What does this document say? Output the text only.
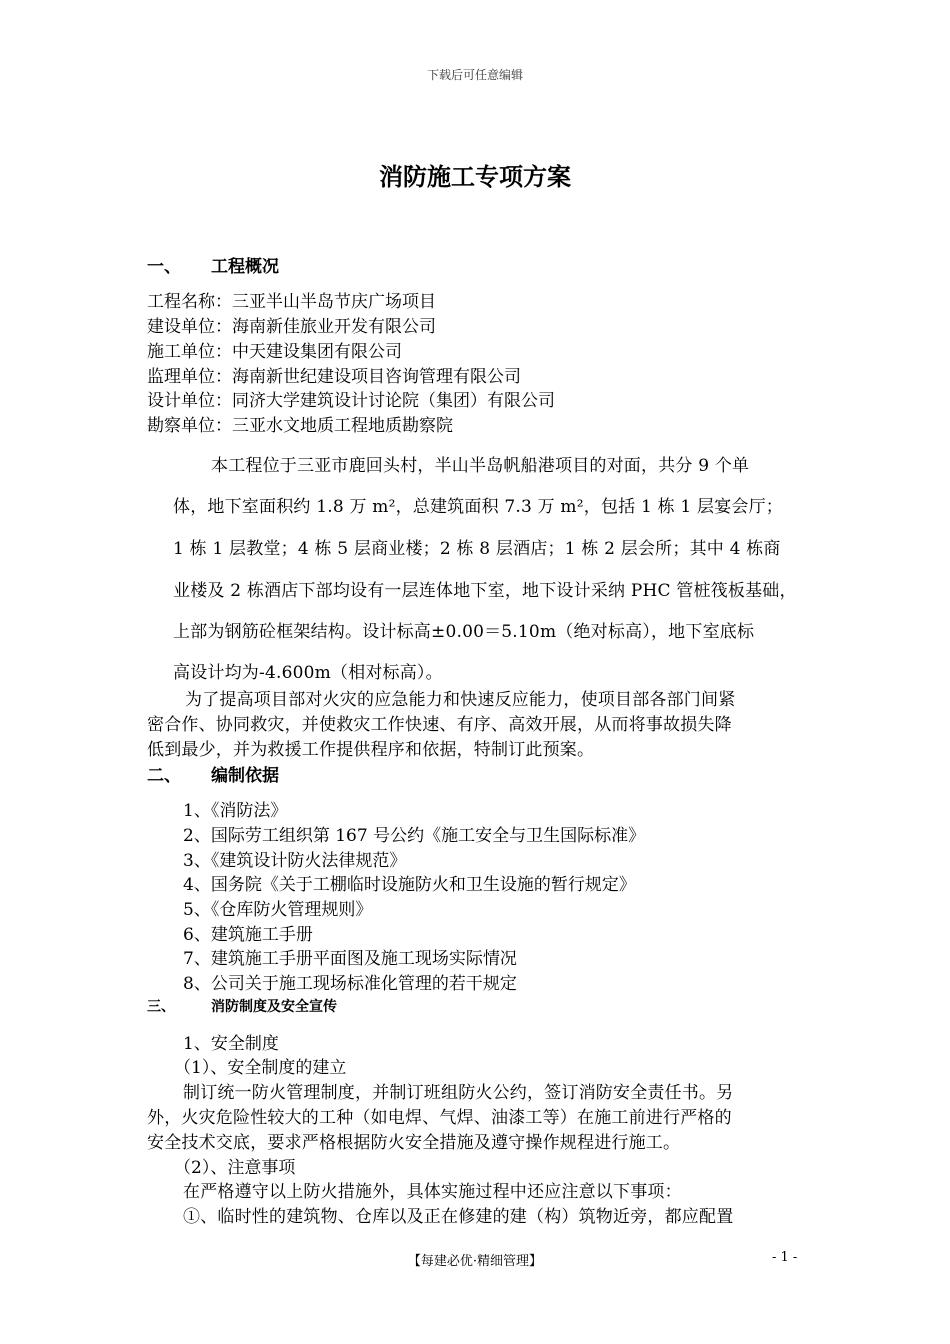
下载后可任意编辑
消防施工专项方案
一、 工程概况
工程名称：三亚半山半岛节庆广场项目
建设单位：海南新佳旅业开发有限公司
施工单位：中天建设集团有限公司
监理单位：海南新世纪建设项目咨询管理有限公司
设计单位：同济大学建筑设计讨论院（集团）有限公司
勘察单位：三亚水文地质工程地质勘察院
本工程位于三亚市鹿回头村，半山半岛帆船港项目的对面，共分 9 个单
体，地下室面积约 1.8 万 m²，总建筑面积 7.3 万 m²，包括 1 栋 1 层宴会厅；
1 栋 1 层教堂；4 栋 5 层商业楼；2 栋 8 层酒店；1 栋 2 层会所；其中 4 栋商
业楼及 2 栋酒店下部均设有一层连体地下室，地下设计采纳 PHC 管桩筏板基础，
上部为钢筋砼框架结构。设计标高±0.00＝5.10m（绝对标高），地下室底标
高设计均为-4.600m（相对标高）。
为了提高项目部对火灾的应急能力和快速反应能力，使项目部各部门间紧
密合作、协同救灾，并使救灾工作快速、有序、高效开展，从而将事故损失降
低到最少，并为救援工作提供程序和依据，特制订此预案。
二、 编制依据
1、《消防法》
2、国际劳工组织第 167 号公约《施工安全与卫生国际标准》
3、《建筑设计防火法律规范》
4、国务院《关于工棚临时设施防火和卫生设施的暂行规定》
5、《仓库防火管理规则》
6、建筑施工手册
7、建筑施工手册平面图及施工现场实际情况
8、公司关于施工现场标准化管理的若干规定
三、	消防制度及安全宣传
1、安全制度
（1）、安全制度的建立
制订统一防火管理制度，并制订班组防火公约，签订消防安全责任书。另
外，火灾危险性较大的工种（如电焊、气焊、油漆工等）在施工前进行严格的
安全技术交底，要求严格根据防火安全措施及遵守操作规程进行施工。
（2）、注意事项
在严格遵守以上防火措施外，具体实施过程中还应注意以下事项：
①、临时性的建筑物、仓库以及正在修建的建（构）筑物近旁，都应配置
【每建必优·精细管理】	- 1 -
